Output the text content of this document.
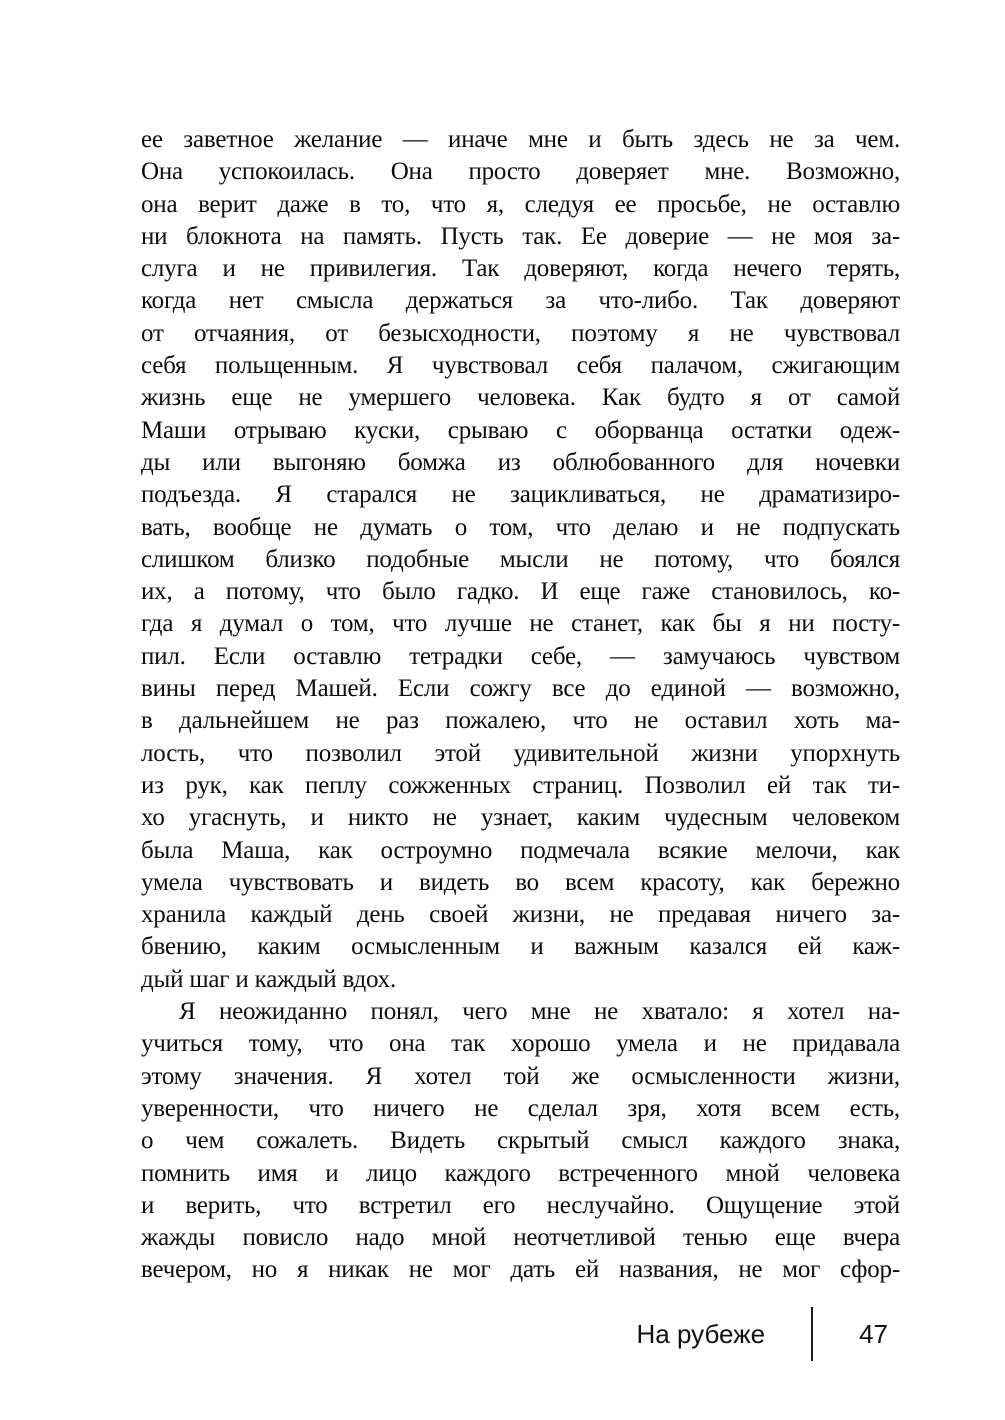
ее заветное желание — иначе мне и быть здесь не за чем.
Она успокоилась. Она просто доверяет мне. Возможно,
она верит даже в то, что я, следуя ее просьбе, не оставлю
ни блокнота на память. Пусть так. Ее доверие — не моя за-
слуга и не привилегия. Так доверяют, когда нечего терять,
когда нет смысла держаться за что-либо. Так доверяют
от отчаяния, от безысходности, поэтому я не чувствовал
себя польщенным. Я чувствовал себя палачом, сжигающим
жизнь еще не умершего человека. Как будто я от самой
Маши отрываю куски, срываю с оборванца остатки одеж-
ды или выгоняю бомжа из облюбованного для ночевки
подъезда. Я старался не зацикливаться, не драматизиро-
вать, вообще не думать о том, что делаю и не подпускать
слишком близко подобные мысли не потому, что боялся
их, а потому, что было гадко. И еще гаже становилось, ко-
гда я думал о том, что лучше не станет, как бы я ни посту-
пил. Если оставлю тетрадки себе, — замучаюсь чувством
вины перед Машей. Если сожгу все до единой — возможно,
в дальнейшем не раз пожалею, что не оставил хоть ма-
лость, что позволил этой удивительной жизни упорхнуть
из рук, как пеплу сожженных страниц. Позволил ей так ти-
хо угаснуть, и никто не узнает, каким чудесным человеком
была Маша, как остроумно подмечала всякие мелочи, как
умела чувствовать и видеть во всем красоту, как бережно
хранила каждый день своей жизни, не предавая ничего за-
бвению, каким осмысленным и важным казался ей каж-
дый шаг и каждый вдох.
Я неожиданно понял, чего мне не хватало: я хотел на-
учиться тому, что она так хорошо умела и не придавала
этому значения. Я хотел той же осмысленности жизни,
уверенности, что ничего не сделал зря, хотя всем есть,
о чем сожалеть. Видеть скрытый смысл каждого знака,
помнить имя и лицо каждого встреченного мной человека
и верить, что встретил его неслучайно. Ощущение этой
жажды повисло надо мной неотчетливой тенью еще вчера
вечером, но я никак не мог дать ей названия, не мог сфор-
На рубеже	47
